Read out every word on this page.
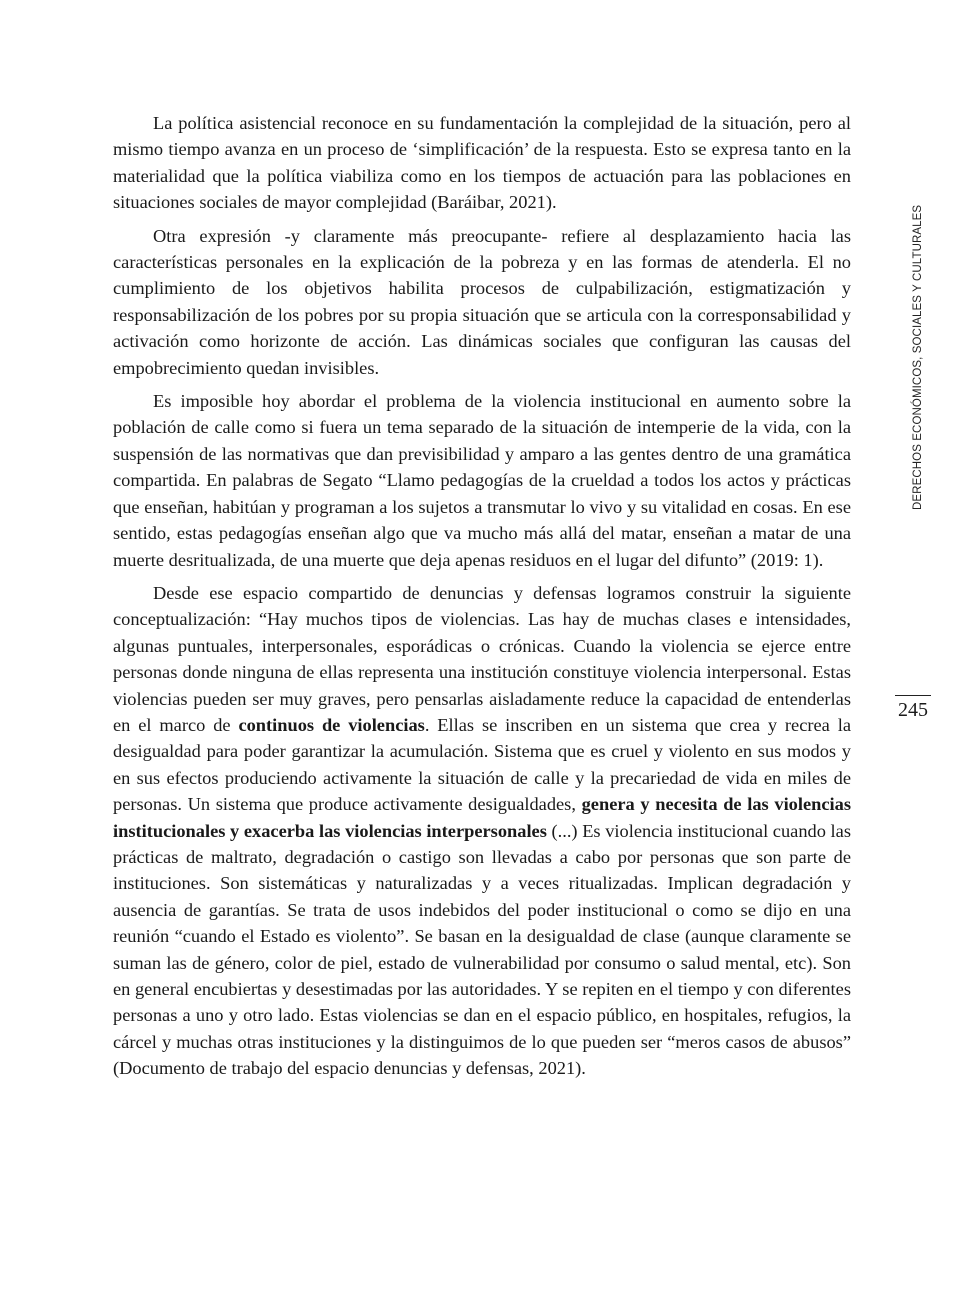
La política asistencial reconoce en su fundamentación la complejidad de la situación, pero al mismo tiempo avanza en un proceso de ‘simplificación’ de la respuesta. Esto se expresa tanto en la materialidad que la política viabiliza como en los tiempos de actuación para las poblaciones en situaciones sociales de mayor complejidad (Baráibar, 2021).

Otra expresión -y claramente más preocupante- refiere al desplazamiento hacia las características personales en la explicación de la pobreza y en las formas de atenderla. El no cumplimiento de los objetivos habilita procesos de culpabilización, estigmatización y responsabilización de los pobres por su propia situación que se articula con la corresponsabilidad y activación como horizonte de acción. Las dinámicas sociales que configuran las causas del empobrecimiento quedan invisibles.

Es imposible hoy abordar el problema de la violencia institucional en aumento sobre la población de calle como si fuera un tema separado de la situación de intemperie de la vida, con la suspensión de las normativas que dan previsibilidad y amparo a las gentes dentro de una gramática compartida. En palabras de Segato “Llamo pedagogías de la crueldad a todos los actos y prácticas que enseñan, habitúan y programan a los sujetos a transmutar lo vivo y su vitalidad en cosas. En ese sentido, estas pedagogías enseñan algo que va mucho más allá del matar, enseñan a matar de una muerte desritualizada, de una muerte que deja apenas residuos en el lugar del difunto” (2019: 1).

Desde ese espacio compartido de denuncias y defensas logramos construir la siguiente conceptualización: “Hay muchos tipos de violencias. Las hay de muchas clases e intensidades, algunas puntuales, interpersonales, esporádicas o crónicas. Cuando la violencia se ejerce entre personas donde ninguna de ellas representa una institución constituye violencia interpersonal. Estas violencias pueden ser muy graves, pero pensarlas aisladamente reduce la capacidad de entenderlas en el marco de continuos de violencias. Ellas se inscriben en un sistema que crea y recrea la desigualdad para poder garantizar la acumulación. Sistema que es cruel y violento en sus modos y en sus efectos produciendo activamente la situación de calle y la precariedad de vida en miles de personas. Un sistema que produce activamente desigualdades, genera y necesita de las violencias institucionales y exacerba las violencias interpersonales (...) Es violencia institucional cuando las prácticas de maltrato, degradación o castigo son llevadas a cabo por personas que son parte de instituciones. Son sistemáticas y naturalizadas y a veces ritualizadas. Implican degradación y ausencia de garantías. Se trata de usos indebidos del poder institucional o como se dijo en una reunión “cuando el Estado es violento”. Se basan en la desigualdad de clase (aunque claramente se suman las de género, color de piel, estado de vulnerabilidad por consumo o salud mental, etc). Son en general encubiertas y desestimadas por las autoridades. Y se repiten en el tiempo y con diferentes personas a uno y otro lado. Estas violencias se dan en el espacio público, en hospitales, refugios, la cárcel y muchas otras instituciones y la distinguimos de lo que pueden ser “meros casos de abusos” (Documento de trabajo del espacio denuncias y defensas, 2021).

DERECHOS ECONÓMICOS, SOCIALES Y CULTURALES
245
